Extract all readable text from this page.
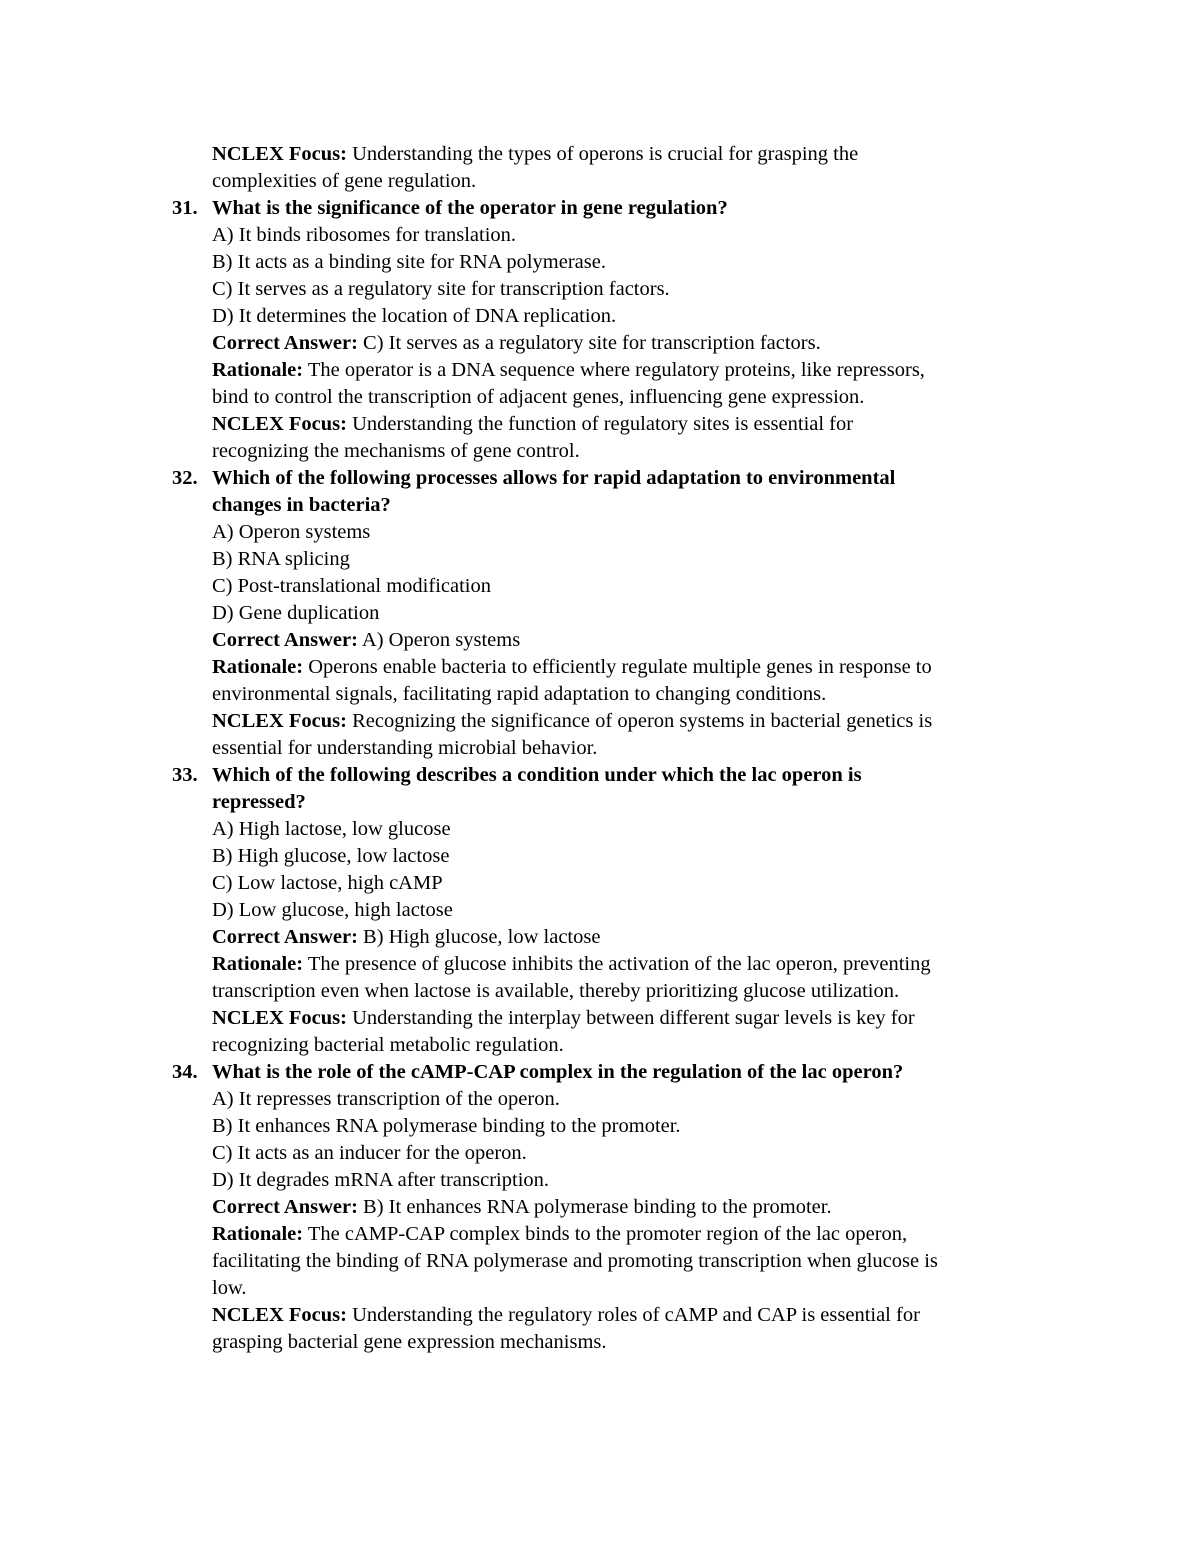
NCLEX Focus: Understanding the types of operons is crucial for grasping the
complexities of gene regulation.
31. What is the significance of the operator in gene regulation?
A) It binds ribosomes for translation.
B) It acts as a binding site for RNA polymerase.
C) It serves as a regulatory site for transcription factors.
D) It determines the location of DNA replication.
Correct Answer: C) It serves as a regulatory site for transcription factors.
Rationale: The operator is a DNA sequence where regulatory proteins, like repressors,
bind to control the transcription of adjacent genes, influencing gene expression.
NCLEX Focus: Understanding the function of regulatory sites is essential for
recognizing the mechanisms of gene control.
32. Which of the following processes allows for rapid adaptation to environmental
changes in bacteria?
A) Operon systems
B) RNA splicing
C) Post-translational modification
D) Gene duplication
Correct Answer: A) Operon systems
Rationale: Operons enable bacteria to efficiently regulate multiple genes in response to
environmental signals, facilitating rapid adaptation to changing conditions.
NCLEX Focus: Recognizing the significance of operon systems in bacterial genetics is
essential for understanding microbial behavior.
33. Which of the following describes a condition under which the lac operon is
repressed?
A) High lactose, low glucose
B) High glucose, low lactose
C) Low lactose, high cAMP
D) Low glucose, high lactose
Correct Answer: B) High glucose, low lactose
Rationale: The presence of glucose inhibits the activation of the lac operon, preventing
transcription even when lactose is available, thereby prioritizing glucose utilization.
NCLEX Focus: Understanding the interplay between different sugar levels is key for
recognizing bacterial metabolic regulation.
34. What is the role of the cAMP-CAP complex in the regulation of the lac operon?
A) It represses transcription of the operon.
B) It enhances RNA polymerase binding to the promoter.
C) It acts as an inducer for the operon.
D) It degrades mRNA after transcription.
Correct Answer: B) It enhances RNA polymerase binding to the promoter.
Rationale: The cAMP-CAP complex binds to the promoter region of the lac operon,
facilitating the binding of RNA polymerase and promoting transcription when glucose is
low.
NCLEX Focus: Understanding the regulatory roles of cAMP and CAP is essential for
grasping bacterial gene expression mechanisms.
